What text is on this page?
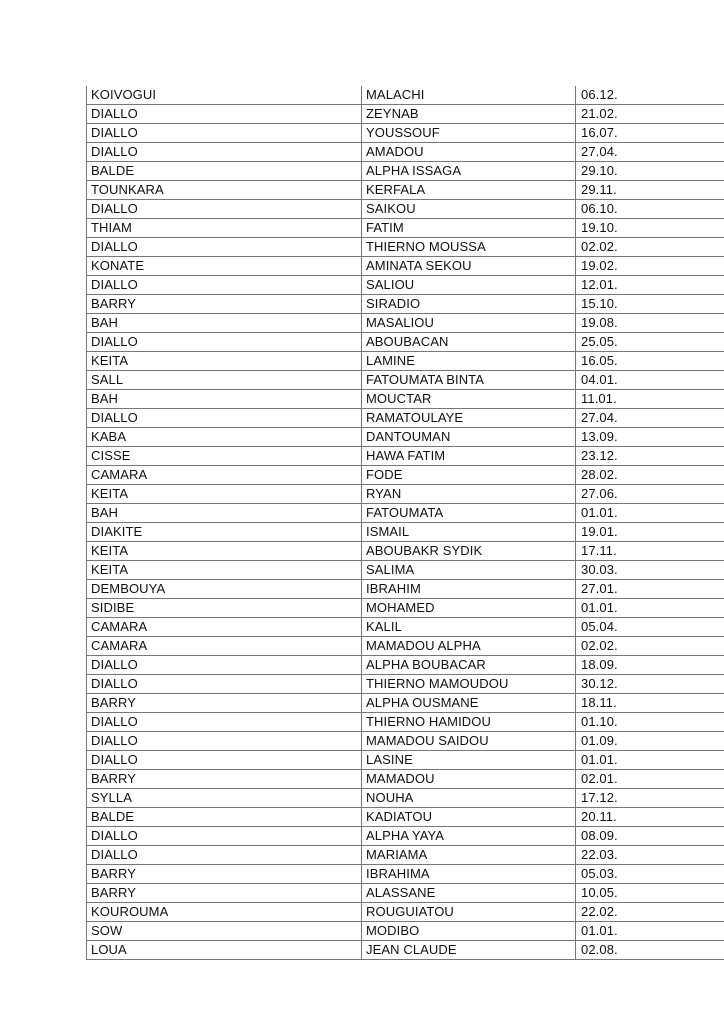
KOIVOGUI	MALACHI	06.12.
DIALLO	ZEYNAB	21.02.
DIALLO	YOUSSOUF	16.07.
DIALLO	AMADOU	27.04.
BALDE	ALPHA ISSAGA	29.10.
TOUNKARA	KERFALA	29.11.
DIALLO	SAIKOU	06.10.
THIAM	FATIM	19.10.
DIALLO	THIERNO MOUSSA	02.02.
KONATE	AMINATA SEKOU	19.02.
DIALLO	SALIOU	12.01.
BARRY	SIRADIO	15.10.
BAH	MASALIOU	19.08.
DIALLO	ABOUBACAN	25.05.
KEITA	LAMINE	16.05.
SALL	FATOUMATA BINTA	04.01.
BAH	MOUCTAR	11.01.
DIALLO	RAMATOULAYE	27.04.
KABA	DANTOUMAN	13.09.
CISSE	HAWA FATIM	23.12.
CAMARA	FODE	28.02.
KEITA	RYAN	27.06.
BAH	FATOUMATA	01.01.
DIAKITE	ISMAIL	19.01.
KEITA	ABOUBAKR SYDIK	17.11.
KEITA	SALIMA	30.03.
DEMBOUYA	IBRAHIM	27.01.
SIDIBE	MOHAMED	01.01.
CAMARA	KALIL	05.04.
CAMARA	MAMADOU ALPHA	02.02.
DIALLO	ALPHA BOUBACAR	18.09.
DIALLO	THIERNO MAMOUDOU	30.12.
BARRY	ALPHA OUSMANE	18.11.
DIALLO	THIERNO HAMIDOU	01.10.
DIALLO	MAMADOU SAIDOU	01.09.
DIALLO	LASINE	01.01.
BARRY	MAMADOU	02.01.
SYLLA	NOUHA	17.12.
BALDE	KADIATOU	20.11.
DIALLO	ALPHA YAYA	08.09.
DIALLO	MARIAMA	22.03.
BARRY	IBRAHIMA	05.03.
BARRY	ALASSANE	10.05.
KOUROUMA	ROUGUIATOU	22.02.
SOW	MODIBO	01.01.
LOUA	JEAN CLAUDE	02.08.
